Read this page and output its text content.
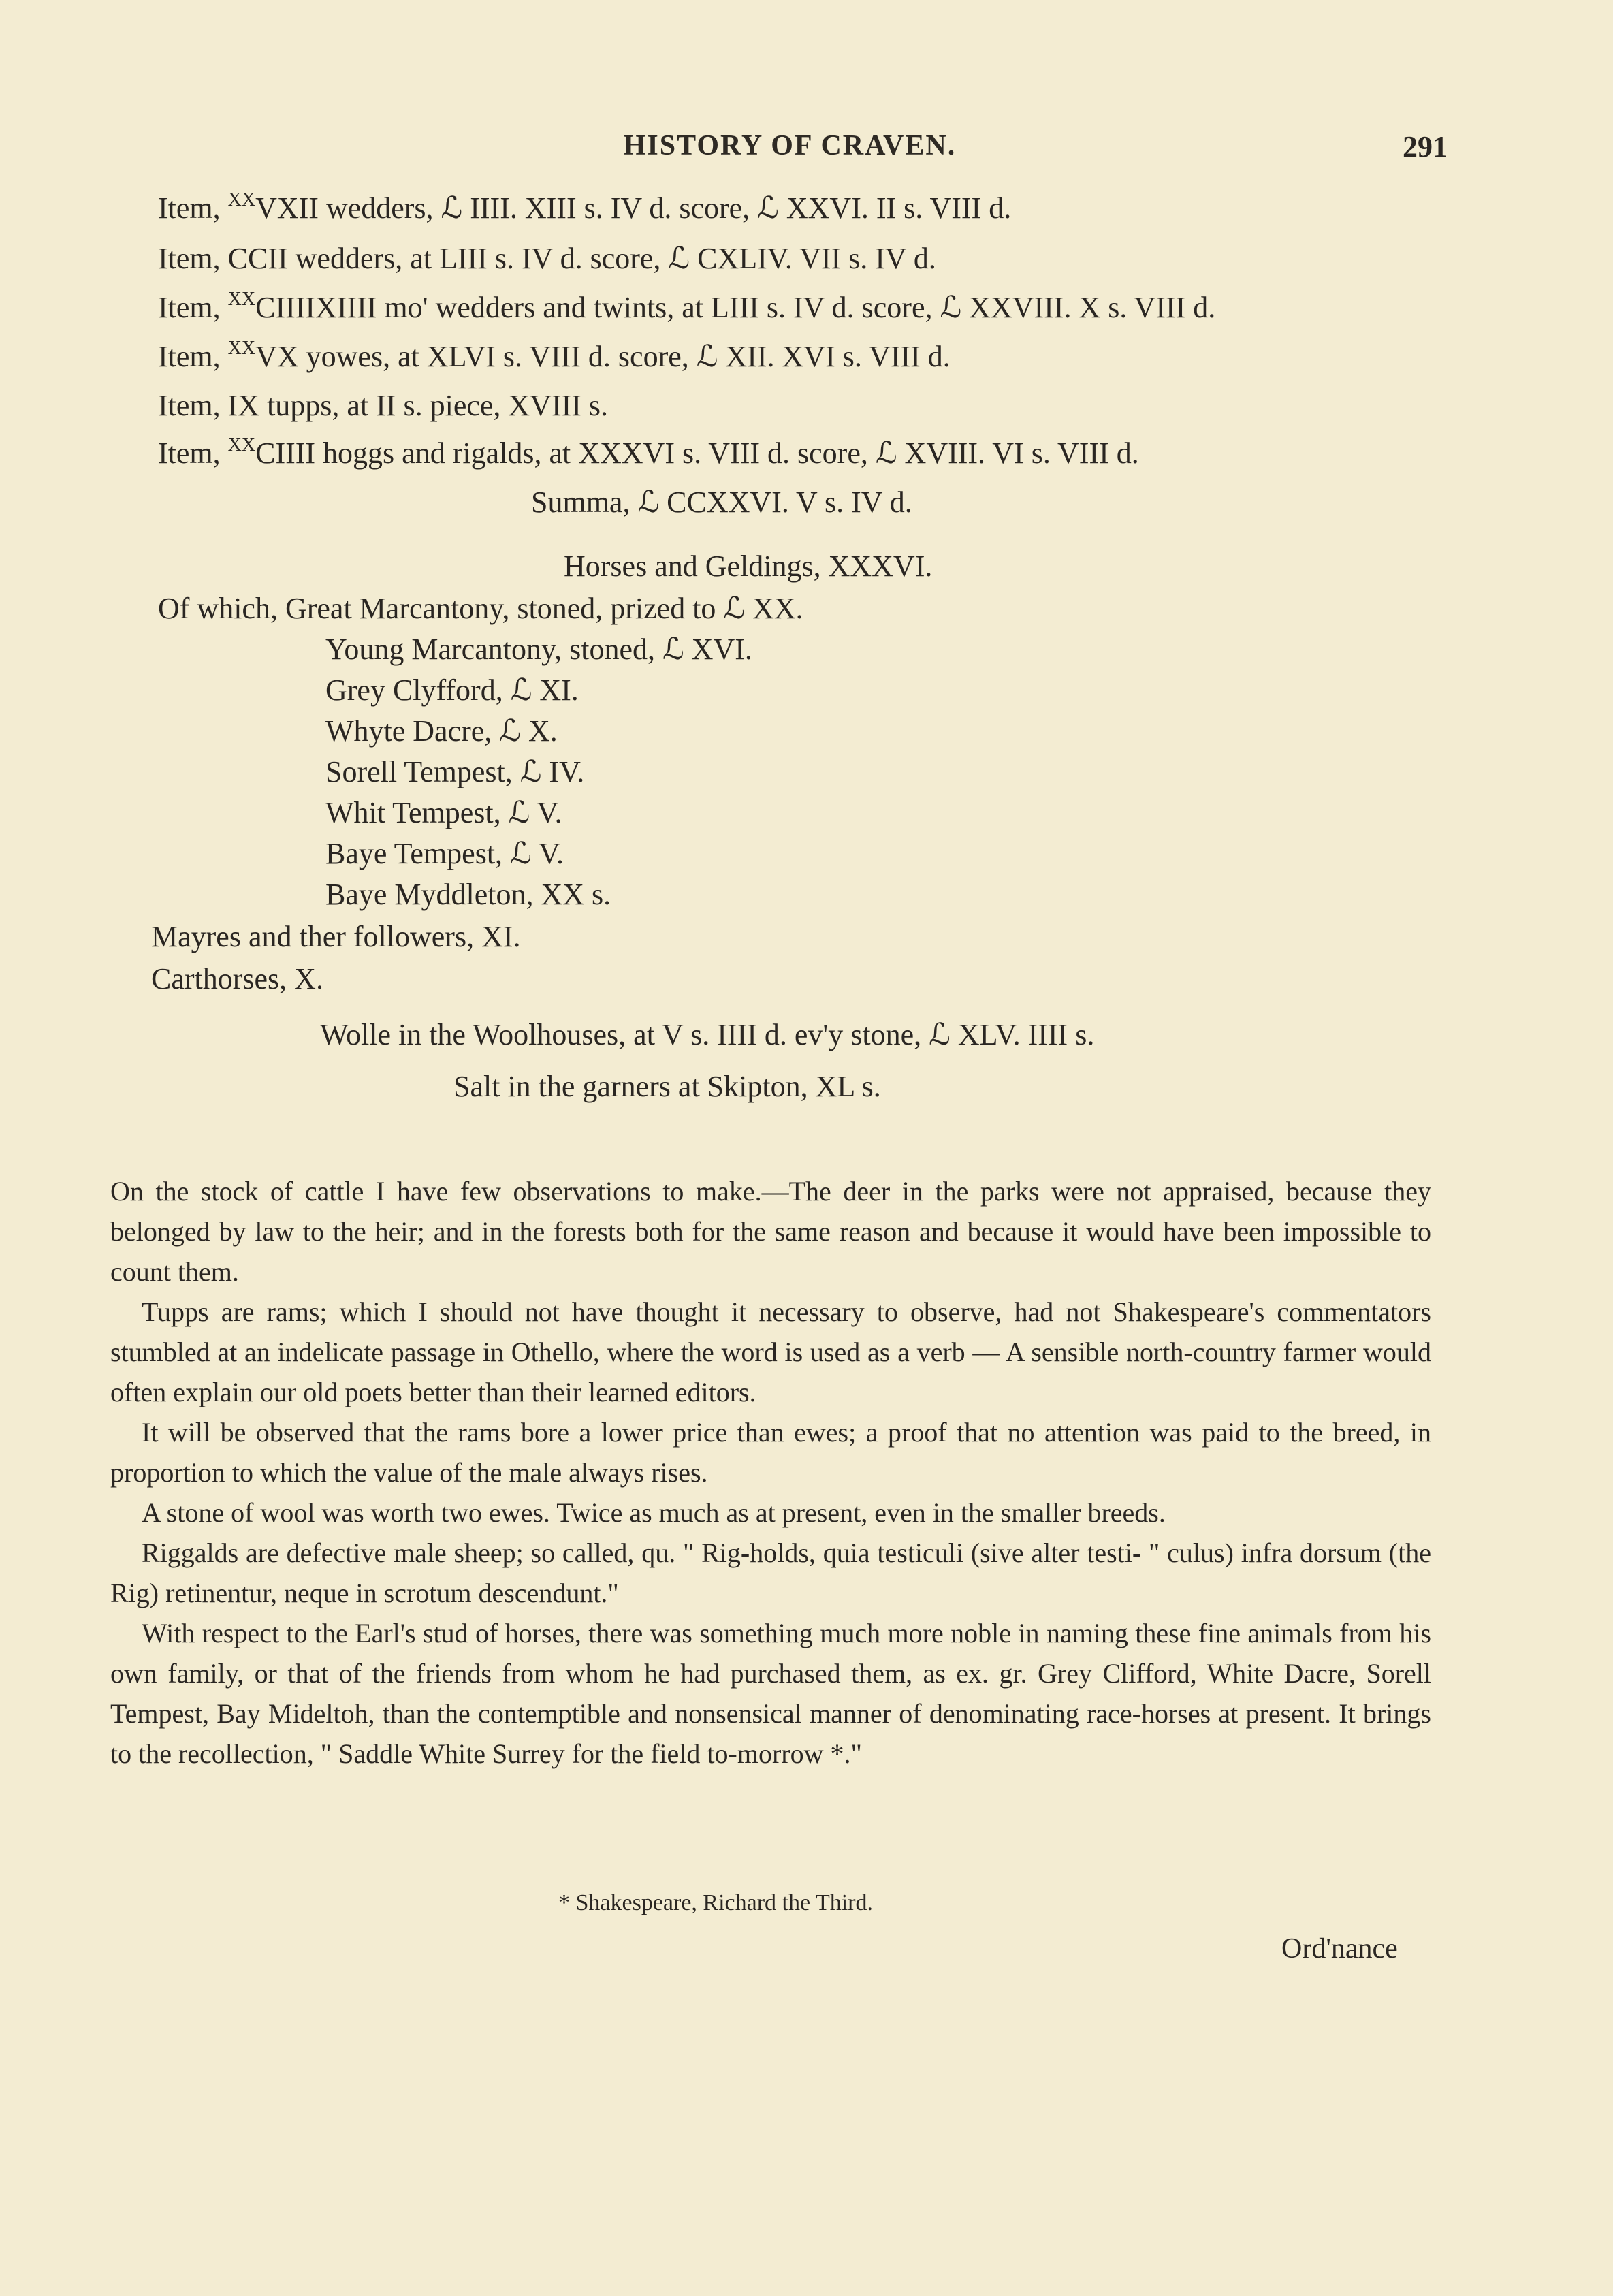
HISTORY OF CRAVEN.	291
Item, $^{XX}$VXII wedders, ℒ IIII. XIII s. IV d. score, ℒ XXVI. II s. VIII d.
Item, CCII wedders, at LIII s. IV d. score, ℒ CXLIV. VII s. IV d.
Item, $^{XX}$CIIIIXIIII mo' wedders and twints, at LIII s. IV d. score, ℒ XXVIII. X s. VIII d.
Item, $^{XX}$VX yowes, at XLVI s. VIII d. score, ℒ XII. XVI s. VIII d.
Item, IX tupps, at II s. piece, XVIII s.
Item, $^{XX}$CIIII hoggs and rigalds, at XXXVI s. VIII d. score, ℒ XVIII. VI s. VIII d.
Summa, ℒ CCXXVI. V s. IV d.
Horses and Geldings, XXXVI.
Of which, Great Marcantony, stoned, prized to ℒ XX.
Young Marcantony, stoned, ℒ XVI.
Grey Clyfford, ℒ XI.
Whyte Dacre, ℒ X.
Sorell Tempest, ℒ IV.
Whit Tempest, ℒ V.
Baye Tempest, ℒ V.
Baye Myddleton, XX s.
Mayres and ther followers, XI.
Carthorses, X.
Wolle in the Woolhouses, at V s. IIII d. ev'y stone, ℒ XLV. IIII s.
Salt in the garners at Skipton, XL s.

On the stock of cattle I have few observations to make.—The deer in the parks were not appraised, because they belonged by law to the heir; and in the forests both for the same reason and because it would have been impossible to count them.

Tupps are rams; which I should not have thought it necessary to observe, had not Shakespeare's commentators stumbled at an indelicate passage in Othello, where the word is used as a verb — A sensible north-country farmer would often explain our old poets better than their learned editors.

It will be observed that the rams bore a lower price than ewes; a proof that no attention was paid to the breed, in proportion to which the value of the male always rises.

A stone of wool was worth two ewes. Twice as much as at present, even in the smaller breeds.

Riggalds are defective male sheep; so called, qu. " Rig-holds, quia testiculi (sive alter testi- " culus) infra dorsum (the Rig) retinentur, neque in scrotum descendunt."

With respect to the Earl's stud of horses, there was something much more noble in naming these fine animals from his own family, or that of the friends from whom he had purchased them, as ex. gr. Grey Clifford, White Dacre, Sorell Tempest, Bay Mideltoh, than the contemptible and nonsensical manner of denominating race-horses at present. It brings to the recollection, " Saddle White Surrey for the field to-morrow *."

* Shakespeare, Richard the Third.
Ord'nance
